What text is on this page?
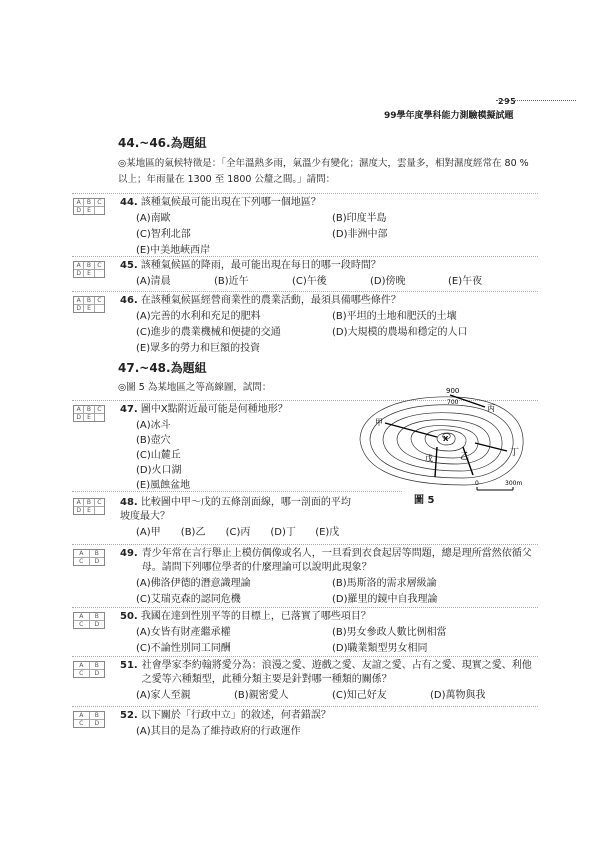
295
99學年度學科能力測驗模擬試題
44.~46.為題組
◎某地區的氣候特徵是：「全年溫熱多雨，氣溫少有變化；濕度大，雲量多，相對濕度經常在 80 %以上；年雨量在 1300 至 1800 公釐之間。」請問：
A	B	C
D	E
44. 該種氣候最可能出現在下列哪一個地區？
(A)南歐	(B)印度半島
(C)智利北部	(D)非洲中部
(E)中美地峽西岸
A	B	C
D	E
45. 該種氣候區的降雨，最可能出現在每日的哪一段時間？
(A)清晨	(B)近午	(C)午後	(D)傍晚	(E)午夜
A	B	C
D	E
46. 在該種氣候區經營商業性的農業活動，最須具備哪些條件？
(A)完善的水利和充足的肥料	(B)平坦的土地和肥沃的土壤
(C)進步的農業機械和便捷的交通	(D)大規模的農場和穩定的人口
(E)眾多的勞力和巨額的投資
47.~48.為題組
◎圖 5 為某地區之等高線圖，試問：
A	B	C
D	E
47. 圖中X點附近最可能是何種地形？
(A)冰斗
(B)壺穴
(C)山麓丘
(D)火口湖
(E)風蝕盆地
900
700
丙
甲
戊	乙	丁
X
0	300m
圖 5
A	B	C
D	E
48. 比較圖中甲～戊的五條剖面線，哪一剖面的平均坡度最大？
(A)甲	(B)乙	(C)丙	(D)丁	(E)戊
A	B
C	D
49. 青少年常在言行舉止上模仿偶像或名人，一旦看到衣食起居等問題，總是理所當然依循父母。請問下列哪位學者的什麼理論可以說明此現象？
(A)佛洛伊德的潛意識理論	(B)馬斯洛的需求層級論
(C)艾瑞克森的認同危機	(D)羅里的鏡中自我理論
A	B
C	D
50. 我國在達到性別平等的目標上，已落實了哪些項目？
(A)女皆有財產繼承權	(B)男女參政人數比例相當
(C)不論性別同工同酬	(D)職業類型男女相同
A	B
C	D
51. 社會學家李約翰將愛分為：浪漫之愛、遊戲之愛、友誼之愛、占有之愛、現實之愛、利他之愛等六種類型，此種分類主要是針對哪一種類的關係？
(A)家人至親	(B)親密愛人	(C)知己好友	(D)萬物與我
A	B
C	D
52. 以下關於「行政中立」的敘述，何者錯誤？
(A)其目的是為了維持政府的行政運作
